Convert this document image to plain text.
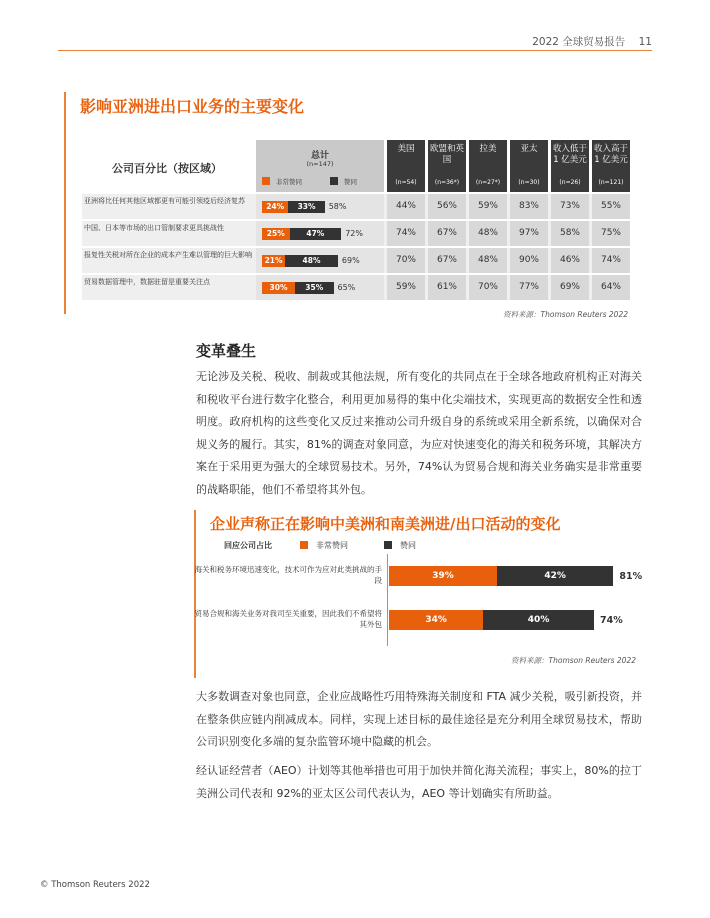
2022 全球贸易报告 11
影响亚洲进出口业务的主要变化
公司百分比（按区域）
总计
(n=147)
非常赞同	赞同
美国
(n=54)
欧盟和英国
(n=36*)
拉美
(n=27*)
亚太
(n=30)
收入低于 1 亿美元
(n=26)
收入高于 1 亿美元
(n=121)
亚洲将比任何其他区域都更有可能引领疫后经济复苏
24%	33%	58%	44%	56%	59%	83%	73%	55%
中国、日本等市场的出口管制要求更具挑战性
25%	47%	72%	74%	67%	48%	97%	58%	75%
报复性关税对所在企业的成本产生难以管理的巨大影响
21%	48%	69%	70%	67%	48%	90%	46%	74%
贸易数据管理中，数据驻留是重要关注点
30%	35%	65%	59%	61%	70%	77%	69%	64%
资料来源：Thomson Reuters 2022
变革叠生
无论涉及关税、税收、制裁或其他法规，所有变化的共同点在于全球各地政府机构正对海关和税收平台进行数字化整合，利用更加易得的集中化尖端技术，实现更高的数据安全性和透明度。政府机构的这些变化又反过来推动公司升级自身的系统或采用全新系统，以确保对合规义务的履行。其实，81%的调查对象同意，为应对快速变化的海关和税务环境，其解决方案在于采用更为强大的全球贸易技术。另外，74%认为贸易合规和海关业务确实是非常重要的战略职能，他们不希望将其外包。
企业声称正在影响中美洲和南美洲进/出口活动的变化
回应公司占比	非常赞同	赞同
海关和税务环境迅速变化，技术可作为应对此类挑战的手段	39%	42%	81%
贸易合规和海关业务对我司至关重要，因此我们不希望将其外包	34%	40%	74%
资料来源：Thomson Reuters 2022
大多数调查对象也同意，企业应战略性巧用特殊海关制度和 FTA 减少关税，吸引新投资，并在整条供应链内削减成本。同样，实现上述目标的最佳途径是充分利用全球贸易技术，帮助公司识别变化多端的复杂监管环境中隐藏的机会。
经认证经营者（AEO）计划等其他举措也可用于加快并简化海关流程；事实上，80%的拉丁美洲公司代表和 92%的亚太区公司代表认为，AEO 等计划确实有所助益。
© Thomson Reuters 2022
